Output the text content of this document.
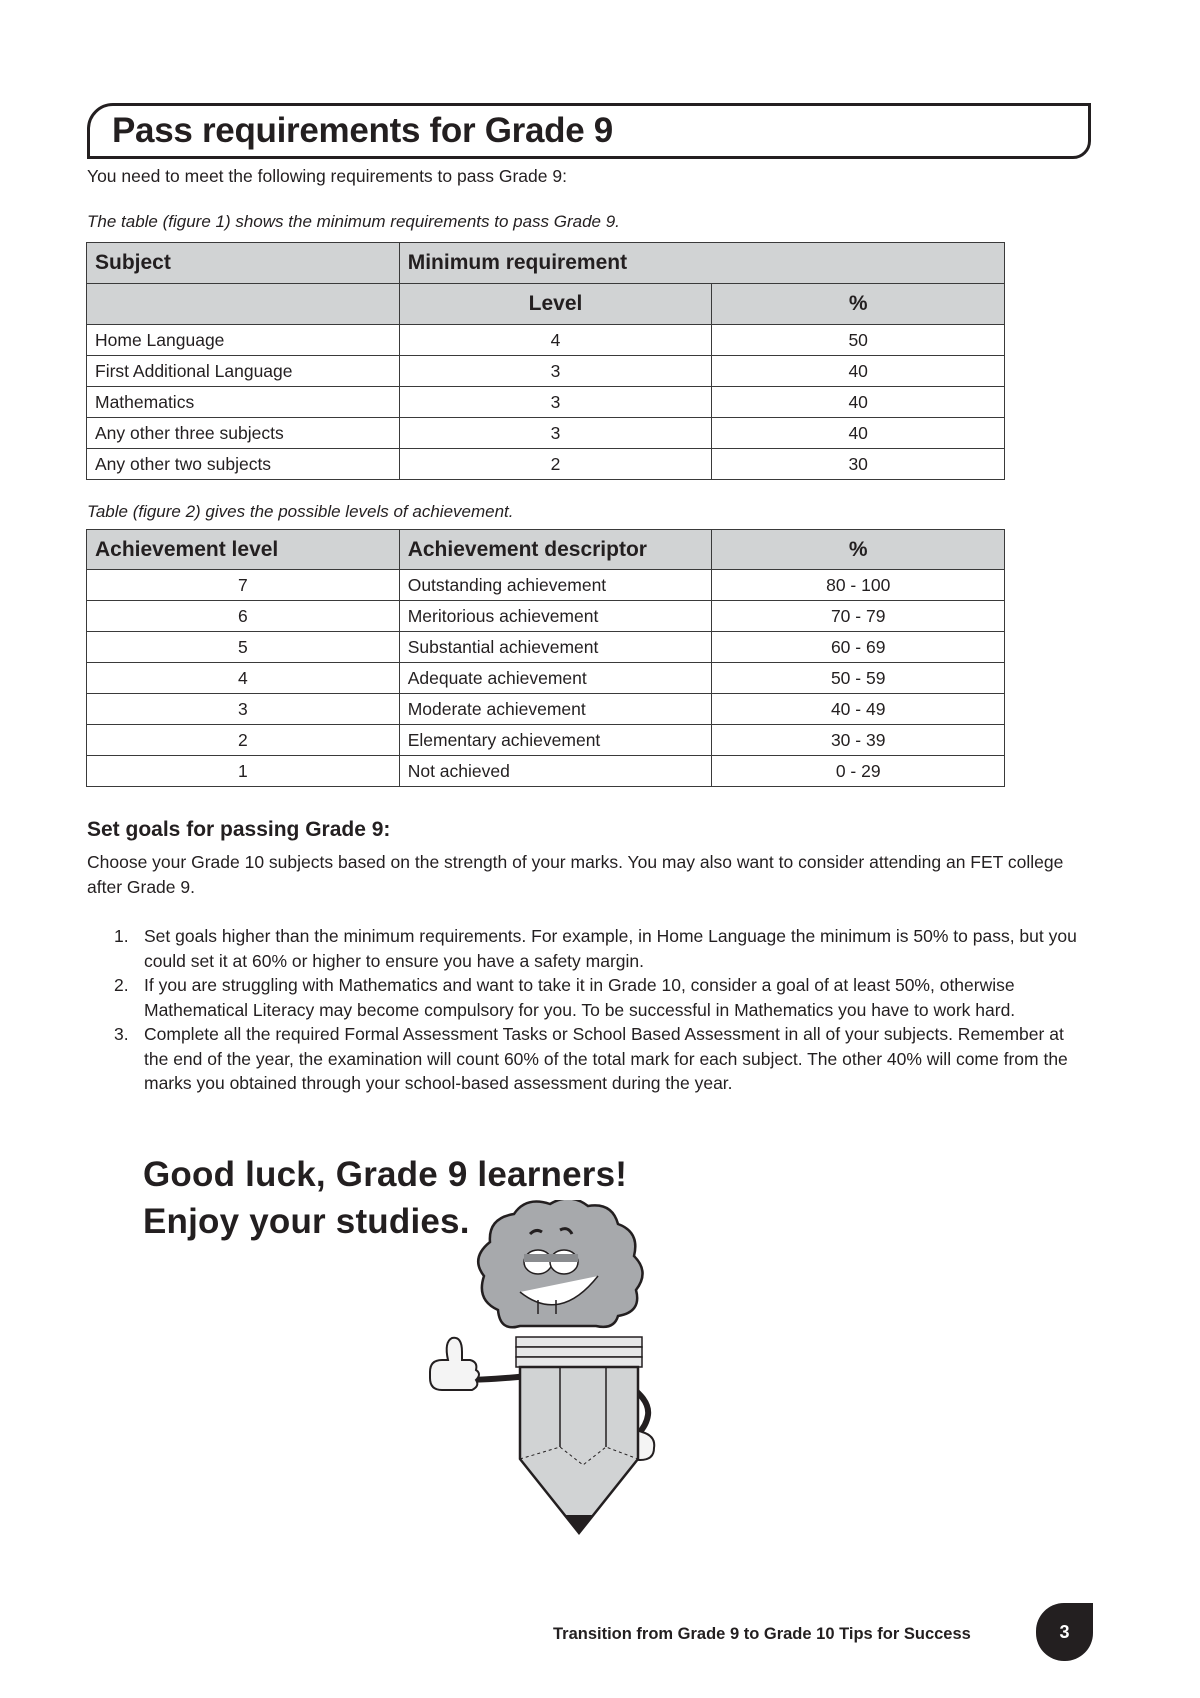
Pass requirements for Grade 9

You need to meet the following requirements to pass Grade 9:

The table (figure 1) shows the minimum requirements to pass Grade 9.

Subject	Minimum requirement	
	Level	%
Home Language	4	50
First Additional Language	3	40
Mathematics	3	40
Any other three subjects	3	40
Any other two subjects	2	30

Table (figure 2) gives the possible levels of achievement.

Achievement level	Achievement descriptor	%
7	Outstanding achievement	80 - 100
6	Meritorious achievement	70 - 79
5	Substantial achievement	60 - 69
4	Adequate achievement	50 - 59
3	Moderate achievement	40 - 49
2	Elementary achievement	30 - 39
1	Not achieved	0 - 29
Set goals for passing Grade 9:

Choose your Grade 10 subjects based on the strength of your marks. You may also want to consider attending an FET college after Grade 9.

1. Set goals higher than the minimum requirements. For example, in Home Language the minimum is 50% to pass, but you could set it at 60% or higher to ensure you have a safety margin.
2. If you are struggling with Mathematics and want to take it in Grade 10, consider a goal of at least 50%, otherwise Mathematical Literacy may become compulsory for you. To be successful in Mathematics you have to work hard.
3. Complete all the required Formal Assessment Tasks or School Based Assessment in all of your subjects. Remember at the end of the year, the examination will count 60% of the total mark for each subject. The other 40% will come from the marks you obtained through your school-based assessment during the year.

Good luck, Grade 9 learners!

Enjoy your studies.

Transition from Grade 9 to Grade 10 Tips for Success	3
